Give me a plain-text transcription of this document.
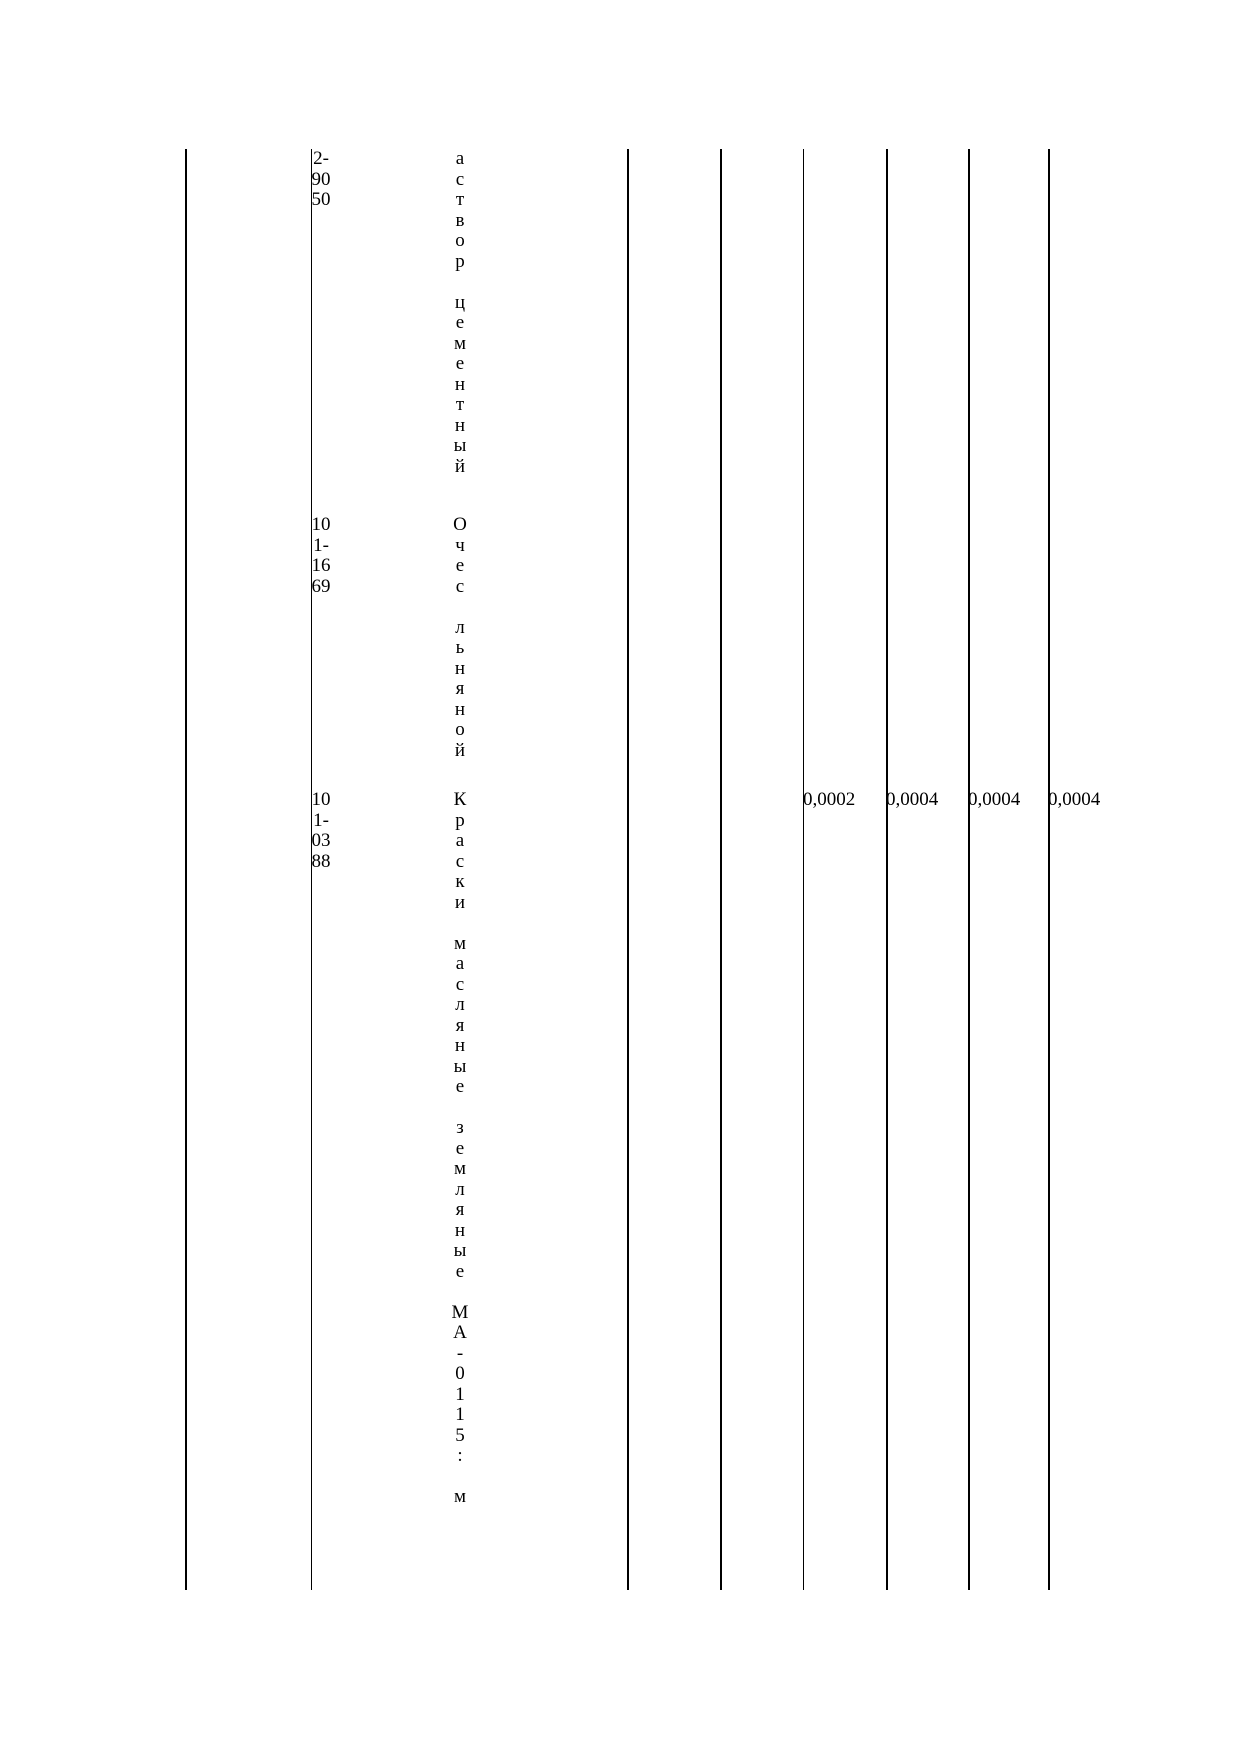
2-
90
50
а
с
т
в
о
р

ц
е
м
е
н
т
н
ы
й
10
1-
16
69
О
ч
е
с

л
ь
н
я
н
о
й
10
1-
03
88
К
р
а
с
к
и

м
а
с
л
я
н
ы
е

з
е
м
л
я
н
ы
е

М
А
-
0
1
1
5
:

м
0,0002 0,0004 0,0004 0,0004
